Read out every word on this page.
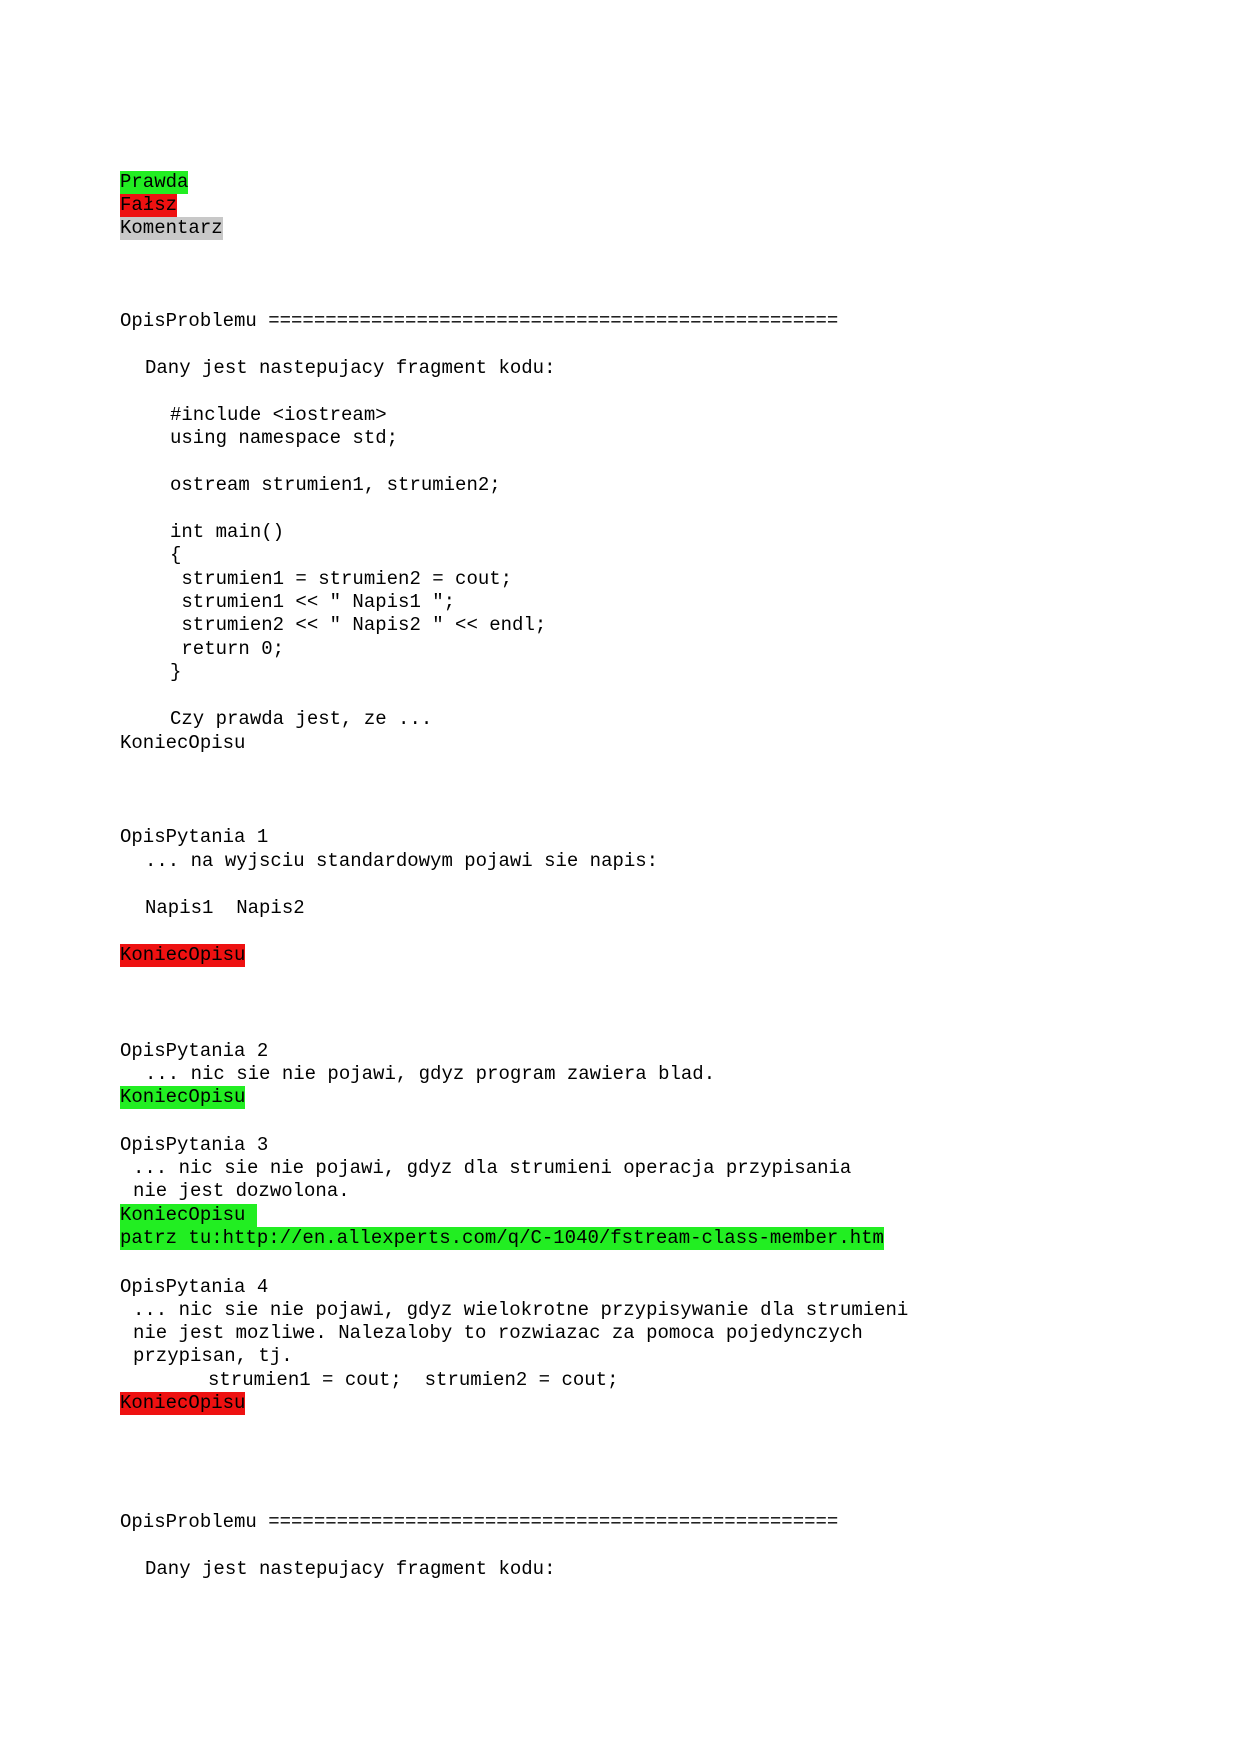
Prawda
Fałsz
Komentarz
OpisProblemu ==================================================
Dany jest nastepujacy fragment kodu:
#include <iostream>
using namespace std;
ostream strumien1, strumien2;
int main()
{
strumien1 = strumien2 = cout;
strumien1 << " Napis1 ";
strumien2 << " Napis2 " << endl;
return 0;
}
Czy prawda jest, ze ...
KoniecOpisu
OpisPytania 1
... na wyjsciu standardowym pojawi sie napis:
Napis1  Napis2
KoniecOpisu
OpisPytania 2
... nic sie nie pojawi, gdyz program zawiera blad.
KoniecOpisu
OpisPytania 3
... nic sie nie pojawi, gdyz dla strumieni operacja przypisania
nie jest dozwolona.
KoniecOpisu
patrz tu:http://en.allexperts.com/q/C-1040/fstream-class-member.htm
OpisPytania 4
... nic sie nie pojawi, gdyz wielokrotne przypisywanie dla strumieni
nie jest mozliwe. Nalezaloby to rozwiazac za pomoca pojedynczych
przypisan, tj.
strumien1 = cout;  strumien2 = cout;
KoniecOpisu
OpisProblemu ==================================================
Dany jest nastepujacy fragment kodu:
